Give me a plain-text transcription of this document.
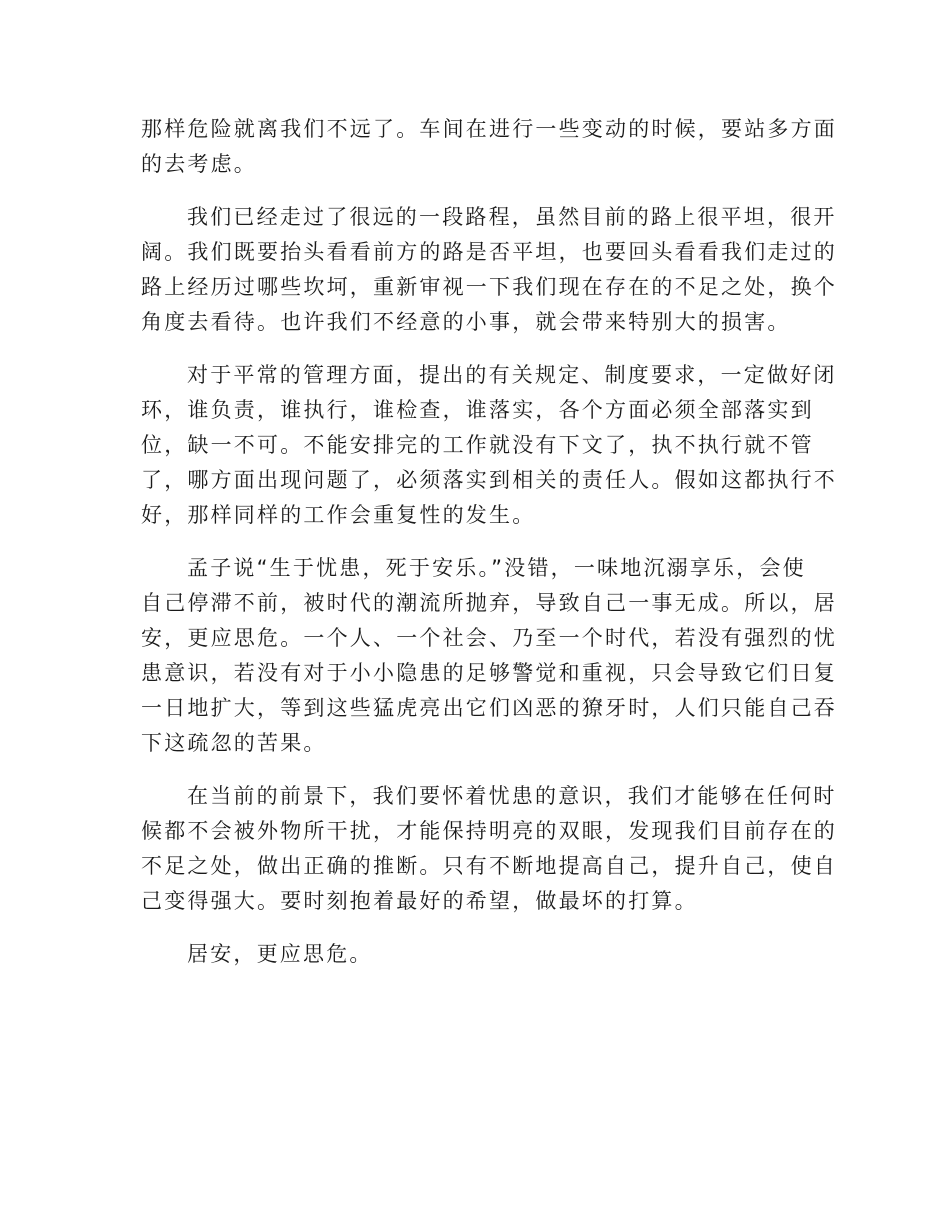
那样危险就离我们不远了。车间在进行一些变动的时候，要站多方面
的去考虑。
我们已经走过了很远的一段路程，虽然目前的路上很平坦，很开
阔。我们既要抬头看看前方的路是否平坦，也要回头看看我们走过的
路上经历过哪些坎坷，重新审视一下我们现在存在的不足之处，换个
角度去看待。也许我们不经意的小事，就会带来特别大的损害。
对于平常的管理方面，提出的有关规定、制度要求，一定做好闭
环，谁负责，谁执行，谁检查，谁落实，各个方面必须全部落实到
位，缺一不可。不能安排完的工作就没有下文了，执不执行就不管
了，哪方面出现问题了，必须落实到相关的责任人。假如这都执行不
好，那样同样的工作会重复性的发生。
孟子说“生于忧患，死于安乐。”没错，一味地沉溺享乐，会使
自己停滞不前，被时代的潮流所抛弃，导致自己一事无成。所以，居
安，更应思危。一个人、一个社会、乃至一个时代，若没有强烈的忧
患意识，若没有对于小小隐患的足够警觉和重视，只会导致它们日复
一日地扩大，等到这些猛虎亮出它们凶恶的獠牙时，人们只能自己吞
下这疏忽的苦果。
在当前的前景下，我们要怀着忧患的意识，我们才能够在任何时
候都不会被外物所干扰，才能保持明亮的双眼，发现我们目前存在的
不足之处，做出正确的推断。只有不断地提高自己，提升自己，使自
己变得强大。要时刻抱着最好的希望，做最坏的打算。
居安，更应思危。
